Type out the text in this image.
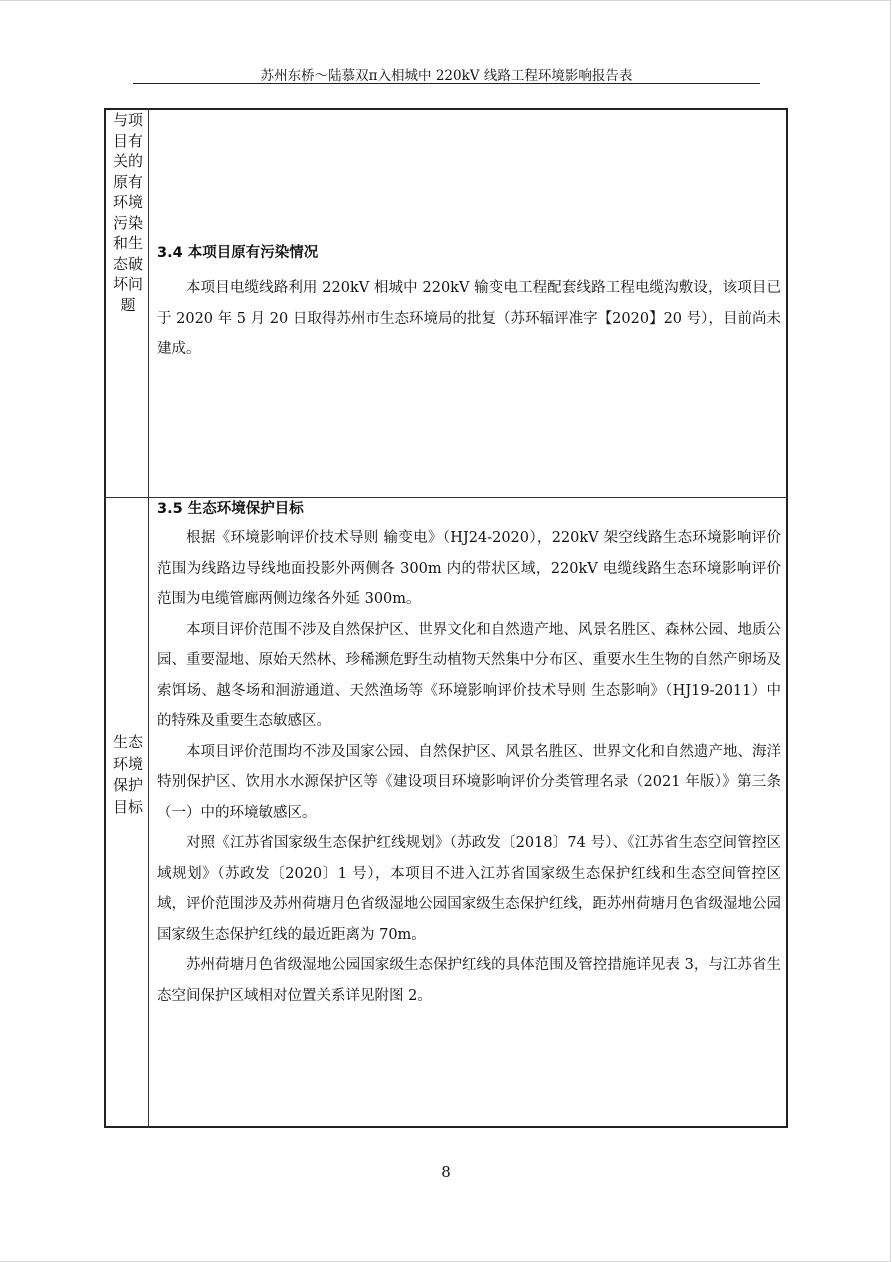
苏州东桥～陆慕双π入相城中 220kV 线路工程环境影响报告表
与项目有关的原有环境污染和生态破坏问题
生态环境保护目标
3.4 本项目原有污染情况

本项目电缆线路利用 220kV 相城中 220kV 输变电工程配套线路工程电缆沟敷设，该项目已于 2020 年 5 月 20 日取得苏州市生态环境局的批复（苏环辐评准字【2020】20 号），目前尚未建成。

3.5 生态环境保护目标

根据《环境影响评价技术导则 输变电》（HJ24-2020），220kV 架空线路生态环境影响评价范围为线路边导线地面投影外两侧各 300m 内的带状区域，220kV 电缆线路生态环境影响评价范围为电缆管廊两侧边缘各外延 300m。

本项目评价范围不涉及自然保护区、世界文化和自然遗产地、风景名胜区、森林公园、地质公园、重要湿地、原始天然林、珍稀濒危野生动植物天然集中分布区、重要水生生物的自然产卵场及索饵场、越冬场和洄游通道、天然渔场等《环境影响评价技术导则 生态影响》（HJ19-2011）中的特殊及重要生态敏感区。

本项目评价范围均不涉及国家公园、自然保护区、风景名胜区、世界文化和自然遗产地、海洋特别保护区、饮用水水源保护区等《建设项目环境影响评价分类管理名录（2021 年版）》第三条（一）中的环境敏感区。

对照《江苏省国家级生态保护红线规划》（苏政发〔2018〕74 号）、《江苏省生态空间管控区域规划》（苏政发〔2020〕1 号），本项目不进入江苏省国家级生态保护红线和生态空间管控区域，评价范围涉及苏州荷塘月色省级湿地公园国家级生态保护红线，距苏州荷塘月色省级湿地公园国家级生态保护红线的最近距离为 70m。

苏州荷塘月色省级湿地公园国家级生态保护红线的具体范围及管控措施详见表 3，与江苏省生态空间保护区域相对位置关系详见附图 2。

8
